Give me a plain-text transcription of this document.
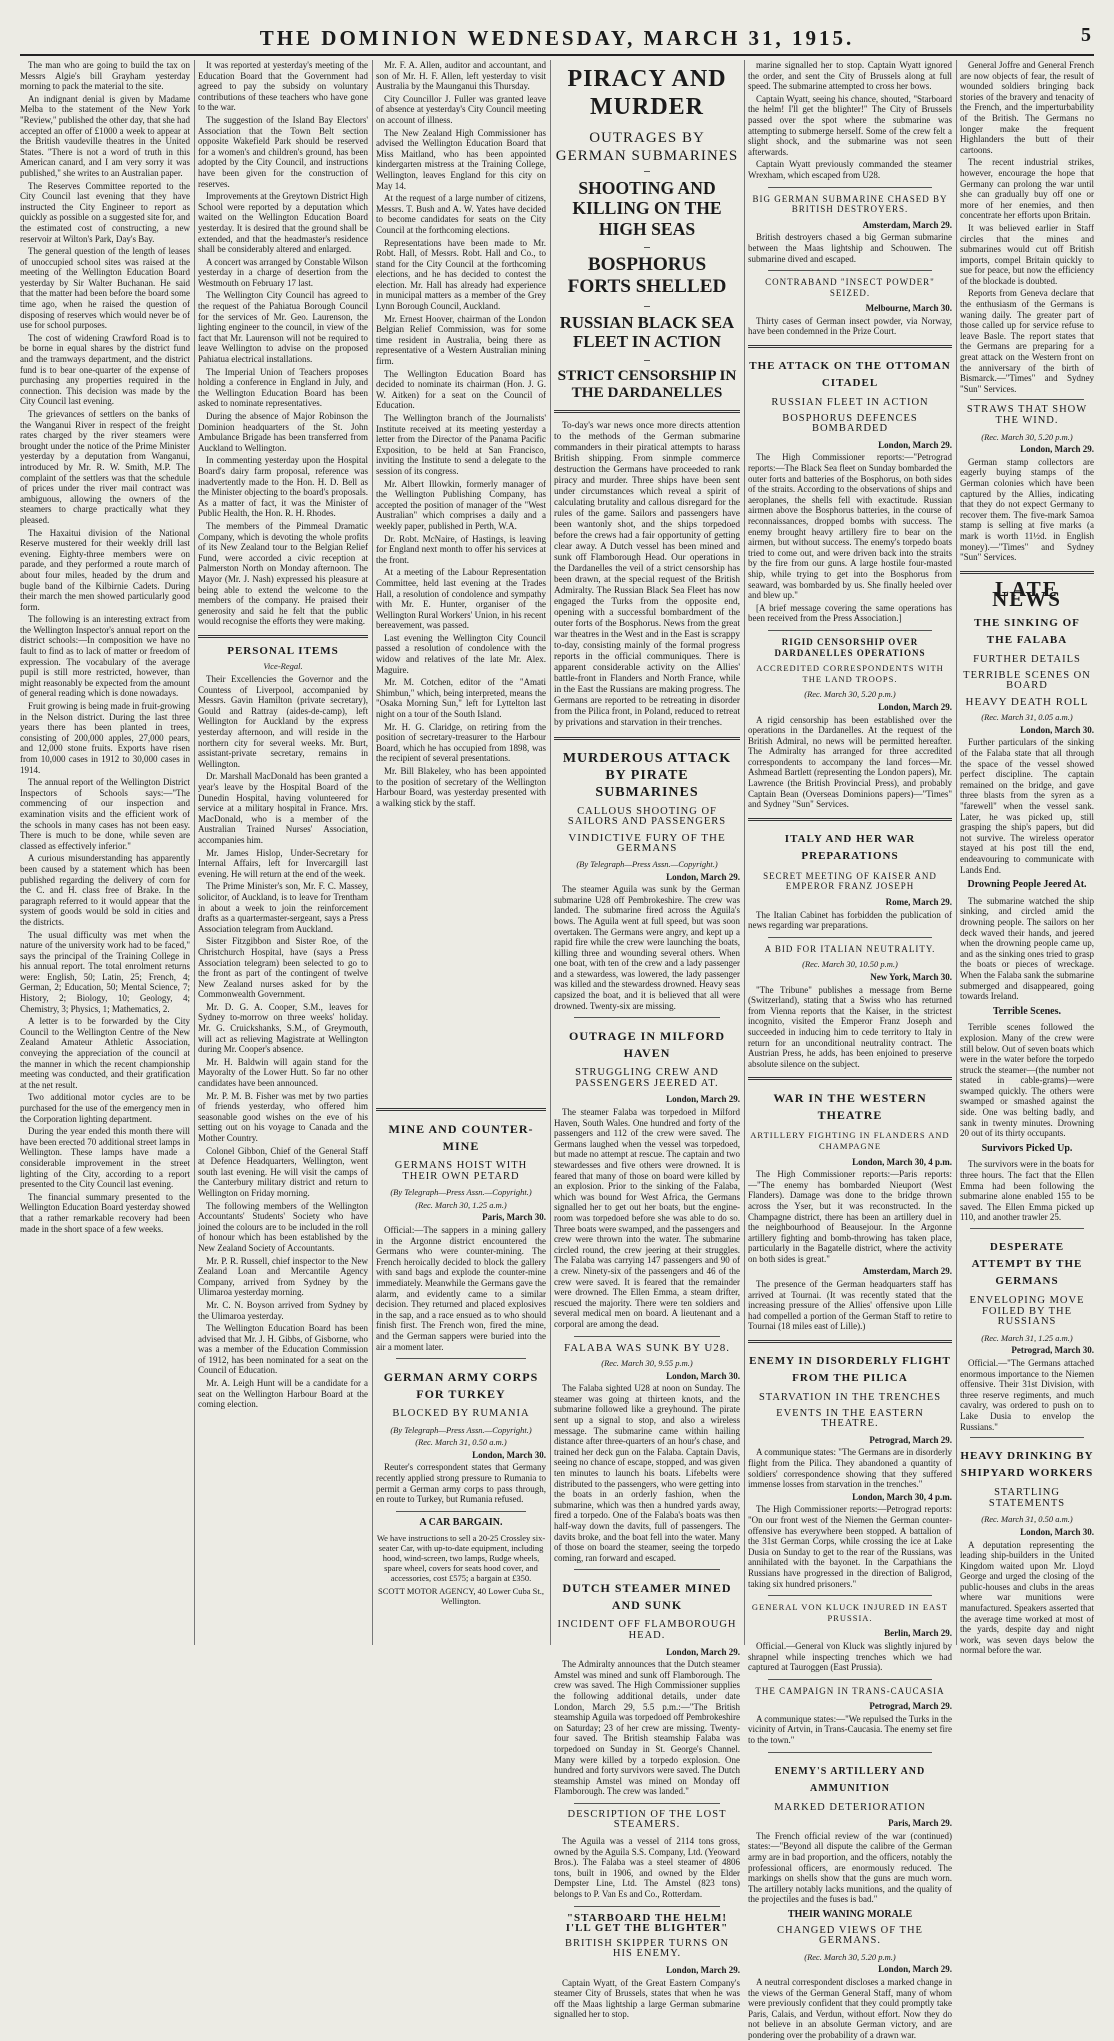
THE DOMINION WEDNESDAY, MARCH 31, 1915.	5

The man who are going to build the tax on Messrs Algie's bill Grayham yesterday morning to pack the material to the site.

An indignant denial is given by Madame Melba to the statement of the New York "Review," published the other day, that she had accepted an offer of £1000 a week to appear at the British vaudeville theatres in the United States. "There is not a word of truth in this American canard, and I am very sorry it was published," she writes to an Australian paper.

The Reserves Committee reported to the City Council last evening that they have instructed the City Engineer to report as quickly as possible on a suggested site for, and the estimated cost of constructing, a new reservoir at Wilton's Park, Day's Bay.

The general question of the length of leases of unoccupied school sites was raised at the meeting of the Wellington Education Board yesterday by Sir Walter Buchanan. He said that the matter had been before the board some time ago, when he raised the question of disposing of reserves which would never be of use for school purposes.

The cost of widening Crawford Road is to be borne in equal shares by the district fund and the tramways department, and the district fund is to bear one-quarter of the expense of purchasing any properties required in the connection. This decision was made by the City Council last evening.

The grievances of settlers on the banks of the Wanganui River in respect of the freight rates charged by the river steamers were brought under the notice of the Prime Minister yesterday by a deputation from Wanganui, introduced by Mr. R. W. Smith, M.P. The complaint of the settlers was that the schedule of prices under the river mail contract was ambiguous, allowing the owners of the steamers to charge practically what they pleased.

The Haxaitui division of the National Reserve mustered for their weekly drill last evening. Eighty-three members were on parade, and they performed a route march of about four miles, headed by the drum and bugle band of the Kilbirnie Cadets. During their march the men showed particularly good form.

The following is an interesting extract from the Wellington Inspector's annual report on the district schools:—In composition we have no fault to find as to lack of matter or freedom of expression. The vocabulary of the average pupil is still more restricted, however, than might reasonably be expected from the amount of general reading which is done nowadays.

Fruit growing is being made in fruit-growing in the Nelson district. During the last three years there has been planted in trees, consisting of 200,000 apples, 27,000 pears, and 12,000 stone fruits. Exports have risen from 10,000 cases in 1912 to 30,000 cases in 1914.

The annual report of the Wellington District Inspectors of Schools says:—"The commencing of our inspection and examination visits and the efficient work of the schools in many cases has not been easy. There is much to be done, while seven are classed as effectively inferior."

A curious misunderstanding has apparently been caused by a statement which has been published regarding the delivery of corn for the C. and H. class free of Brake. In the paragraph referred to it would appear that the system of goods would be sold in cities and the districts.

The usual difficulty was met when the nature of the university work had to be faced," says the principal of the Training College in his annual report. The total enrolment returns were: English, 50; Latin, 25; French, 4; German, 2; Education, 50; Mental Science, 7; History, 2; Biology, 10; Geology, 4; Chemistry, 3; Physics, 1; Mathematics, 2.

A letter is to be forwarded by the City Council to the Wellington Centre of the New Zealand Amateur Athletic Association, conveying the appreciation of the council at the manner in which the recent championship meeting was conducted, and their gratification at the net result.

Two additional motor cycles are to be purchased for the use of the emergency men in the Corporation lighting department.

During the year ended this month there will have been erected 70 additional street lamps in Wellington. These lamps have made a considerable improvement in the street lighting of the City, according to a report presented to the City Council last evening.

The financial summary presented to the Wellington Education Board yesterday showed that a rather remarkable recovery had been made in the short space of a few weeks.

It was reported at yesterday's meeting of the Education Board that the Government had agreed to pay the subsidy on voluntary contributions of these teachers who have gone to the war.

The suggestion of the Island Bay Electors' Association that the Town Belt section opposite Wakefield Park should be reserved for a women's and children's ground, has been adopted by the City Council, and instructions have been given for the construction of reserves.

Improvements at the Greytown District High School were reported by a deputation which waited on the Wellington Education Board yesterday. It is desired that the ground shall be extended, and that the headmaster's residence shall be considerably altered and enlarged.

A concert was arranged by Constable Wilson yesterday in a charge of desertion from the Westmouth on February 17 last.

The Wellington City Council has agreed to the request of the Pahiatua Borough Council for the services of Mr. Geo. Laurenson, the lighting engineer to the council, in view of the fact that Mr. Laurenson will not be required to leave Wellington to advise on the proposed Pahiatua electrical installations.

The Imperial Union of Teachers proposes holding a conference in England in July, and the Wellington Education Board has been asked to nominate representatives.

During the absence of Major Robinson the Dominion headquarters of the St. John Ambulance Brigade has been transferred from Auckland to Wellington.

In commenting yesterday upon the Hospital Board's dairy farm proposal, reference was inadvertently made to the Hon. H. D. Bell as the Minister objecting to the board's proposals. As a matter of fact, it was the Minister of Public Health, the Hon. R. H. Rhodes.

The members of the Pimmeal Dramatic Company, which is devoting the whole profits of its New Zealand tour to the Belgian Relief Fund, were accorded a civic reception at Palmerston North on Monday afternoon. The Mayor (Mr. J. Nash) expressed his pleasure at being able to extend the welcome to the members of the company. He praised their generosity and said he felt that the public would recognise the efforts they were making.

PERSONAL ITEMS
Vice-Regal.

Their Excellencies the Governor and the Countess of Liverpool, accompanied by Messrs. Gavin Hamilton (private secretary), Gould and Rattray (aides-de-camp), left Wellington for Auckland by the express yesterday afternoon, and will reside in the northern city for several weeks. Mr. Burt, assistant-private secretary, remains in Wellington.

Dr. Marshall MacDonald has been granted a year's leave by the Hospital Board of the Dunedin Hospital, having volunteered for service at a military hospital in France. Mrs. MacDonald, who is a member of the Australian Trained Nurses' Association, accompanies him.

Mr. James Hislop, Under-Secretary for Internal Affairs, left for Invercargill last evening. He will return at the end of the week.

The Prime Minister's son, Mr. F. C. Massey, solicitor, of Auckland, is to leave for Trentham in about a week to join the reinforcement drafts as a quartermaster-sergeant, says a Press Association telegram from Auckland.

Sister Fitzgibbon and Sister Roe, of the Christchurch Hospital, have (says a Press Association telegram) been selected to go to the front as part of the contingent of twelve New Zealand nurses asked for by the Commonwealth Government.

Mr. D. G. A. Cooper, S.M., leaves for Sydney to-morrow on three weeks' holiday. Mr. G. Cruickshanks, S.M., of Greymouth, will act as relieving Magistrate at Wellington during Mr. Cooper's absence.

Mr. H. Baldwin will again stand for the Mayoralty of the Lower Hutt. So far no other candidates have been announced.

Mr. P. M. B. Fisher was met by two parties of friends yesterday, who offered him seasonable good wishes on the eve of his setting out on his voyage to Canada and the Mother Country.

Colonel Gibbon, Chief of the General Staff at Defence Headquarters, Wellington, went south last evening. He will visit the camps of the Canterbury military district and return to Wellington on Friday morning.

The following members of the Wellington Accountants' Students' Society who have joined the colours are to be included in the roll of honour which has been established by the New Zealand Society of Accountants.

Mr. P. R. Russell, chief inspector to the New Zealand Loan and Mercantile Agency Company, arrived from Sydney by the Ulimaroa yesterday morning.

Mr. C. N. Boyson arrived from Sydney by the Ulimaroa yesterday.

The Wellington Education Board has been advised that Mr. J. H. Gibbs, of Gisborne, who was a member of the Education Commission of 1912, has been nominated for a seat on the Council of Education.

Mr. A. Leigh Hunt will be a candidate for a seat on the Wellington Harbour Board at the coming election.

Mr. F. A. Allen, auditor and accountant, and son of Mr. H. F. Allen, left yesterday to visit Australia by the Maunganui this Thursday.

City Councillor J. Fuller was granted leave of absence at yesterday's City Council meeting on account of illness.

The New Zealand High Commissioner has advised the Wellington Education Board that Miss Maitland, who has been appointed kindergarten mistress at the Training College, Wellington, leaves England for this city on May 14.

At the request of a large number of citizens, Messrs. T. Bush and A. W. Yates have decided to become candidates for seats on the City Council at the forthcoming elections.

Representations have been made to Mr. Robt. Hall, of Messrs. Robt. Hall and Co., to stand for the City Council at the forthcoming elections, and he has decided to contest the election. Mr. Hall has already had experience in municipal matters as a member of the Grey Lynn Borough Council, Auckland.

Mr. Ernest Hoover, chairman of the London Belgian Relief Commission, was for some time resident in Australia, being there as representative of a Western Australian mining firm.

The Wellington Education Board has decided to nominate its chairman (Hon. J. G. W. Aitken) for a seat on the Council of Education.

The Wellington branch of the Journalists' Institute received at its meeting yesterday a letter from the Director of the Panama Pacific Exposition, to be held at San Francisco, inviting the Institute to send a delegate to the session of its congress.

Mr. Albert Illowkin, formerly manager of the Wellington Publishing Company, has accepted the position of manager of the "West Australian" which comprises a daily and a weekly paper, published in Perth, W.A.

Dr. Robt. McNaire, of Hastings, is leaving for England next month to offer his services at the front.

At a meeting of the Labour Representation Committee, held last evening at the Trades Hall, a resolution of condolence and sympathy with Mr. E. Hunter, organiser of the Wellington Rural Workers' Union, in his recent bereavement, was passed.

Last evening the Wellington City Council passed a resolution of condolence with the widow and relatives of the late Mr. Alex. Maguire.

Mr. M. Cotchen, editor of the "Amati Shimbun," which, being interpreted, means the "Osaka Morning Sun," left for Lyttelton last night on a tour of the South Island.

Mr. H. G. Claridge, on retiring from the position of secretary-treasurer to the Harbour Board, which he has occupied from 1898, was the recipient of several presentations.

Mr. Bill Blakeley, who has been appointed to the position of secretary of the Wellington Harbour Board, was yesterday presented with a walking stick by the staff.

MINE AND COUNTER-MINE
GERMANS HOIST WITH THEIR OWN PETARD
(By Telegraph—Press Assn.—Copyright.)
(Rec. March 30, 1.25 a.m.)
Paris, March 30.

Official:—The sappers in a mining gallery in the Argonne district encountered the Germans who were counter-mining. The French heroically decided to block the gallery with sand bags and explode the counter-mine immediately. Meanwhile the Germans gave the alarm, and evidently came to a similar decision. They returned and placed explosives in the sap, and a race ensued as to who should finish first. The French won, fired the mine, and the German sappers were buried into the air a moment later.

GERMAN ARMY CORPS FOR TURKEY
BLOCKED BY RUMANIA
(By Telegraph—Press Assn.—Copyright.)
(Rec. March 31, 0.50 a.m.)
London, March 30.

Reuter's correspondent states that Germany recently applied strong pressure to Rumania to permit a German army corps to pass through, en route to Turkey, but Rumania refused.

A CAR BARGAIN.
We have instructions to sell a 20-25 Crossley six-seater Car, with up-to-date equipment, including hood, wind-screen, two lamps, Rudge wheels, spare wheel, covers for seats hood cover, and accessories, cost £575; a bargain at £350.
SCOTT MOTOR AGENCY, 40 Lower Cuba St., Wellington.
PIRACY AND MURDER
OUTRAGES BY GERMAN SUBMARINES
SHOOTING AND KILLING ON THE HIGH SEAS
BOSPHORUS FORTS SHELLED
RUSSIAN BLACK SEA FLEET IN ACTION
STRICT CENSORSHIP IN THE DARDANELLES

To-day's war news once more directs attention to the methods of the German submarine commanders in their piratical attempts to harass British shipping. From sinmple commerce destruction the Germans have proceeded to rank piracy and murder. Three ships have been sent under circumstances which reveal a spirit of calculating brutality and callous disregard for the rules of the game. Sailors and passengers have been wantonly shot, and the ships torpedoed before the crews had a fair opportunity of getting clear away. A Dutch vessel has been mined and sunk off Flamborough Head. Our operations in the Dardanelles the veil of a strict censorship has been drawn, at the special request of the British Admiralty. The Russian Black Sea Fleet has now engaged the Turks from the opposite end, opening with a successful bombardment of the outer forts of the Bosphorus. News from the great war theatres in the West and in the East is scrappy to-day, consisting mainly of the formal progress reports in the official communiques. There is apparent considerable activity on the Allies' battle-front in Flanders and North France, while in the East the Russians are making progress. The Germans are reported to be retreating in disorder from the Pilica front, in Poland, reduced to retreat by privations and starvation in their trenches.

MURDEROUS ATTACK BY PIRATE SUBMARINES
CALLOUS SHOOTING OF SAILORS AND PASSENGERS
VINDICTIVE FURY OF THE GERMANS
(By Telegraph—Press Assn.—Copyright.)
London, March 29.

The steamer Aguila was sunk by the German submarine U28 off Pembrokeshire. The crew was landed. The submarine fired across the Aguila's bows. The Aguila went at full speed, but was soon overtaken. The Germans were angry, and kept up a rapid fire while the crew were launching the boats, killing three and wounding several others. When one boat, with ten of the crew and a lady passenger and a stewardess, was lowered, the lady passenger was killed and the stewardess drowned. Heavy seas capsized the boat, and it is believed that all were drowned. Twenty-six are missing.

OUTRAGE IN MILFORD HAVEN
STRUGGLING CREW AND PASSENGERS JEERED AT.
London, March 29.

The steamer Falaba was torpedoed in Milford Haven, South Wales. One hundred and forty of the passengers and 112 of the crew were saved. The Germans laughed when the vessel was torpedoed, but made no attempt at rescue. The captain and two stewardesses and five others were drowned. It is feared that many of those on board were killed by an explosion. Prior to the sinking of the Falaba, which was bound for West Africa, the Germans signalled her to get out her boats, but the engine-room was torpedoed before she was able to do so. Three boats were swamped, and the passengers and crew were thrown into the water. The submarine circled round, the crew jeering at their struggles. The Falaba was carrying 147 passengers and 90 of a crew. Ninety-six of the passengers and 46 of the crew were saved. It is feared that the remainder were drowned. The Ellen Emma, a steam drifter, rescued the majority. There were ten soldiers and several medical men on board. A lieutenant and a corporal are among the dead.

FALABA WAS SUNK BY U28.
(Rec. March 30, 9.55 p.m.)
London, March 30.

The Falaba sighted U28 at noon on Sunday. The steamer was going at thirteen knots, and the submarine followed like a greyhound. The pirate sent up a signal to stop, and also a wireless message. The submarine came within hailing distance after three-quarters of an hour's chase, and trained her deck gun on the Falaba. Captain Davis, seeing no chance of escape, stopped, and was given ten minutes to launch his boats. Lifebelts were distributed to the passengers, who were getting into the boats in an orderly fashion, when the submarine, which was then a hundred yards away, fired a torpedo. One of the Falaba's boats was then half-way down the davits, full of passengers. The davits broke, and the boat fell into the water. Many of those on board the steamer, seeing the torpedo coming, ran forward and escaped.

DUTCH STEAMER MINED AND SUNK
INCIDENT OFF FLAMBOROUGH HEAD.
London, March 29.

The Admiralty announces that the Dutch steamer Amstel was mined and sunk off Flamborough. The crew was saved. The High Commissioner supplies the following additional details, under date London, March 29, 5.5 p.m.:—"The British steamship Aguila was torpedoed off Pembrokeshire on Saturday; 23 of her crew are missing. Twenty-four saved. The British steamship Falaba was torpedoed on Sunday in St. George's Channel. Many were killed by a torpedo explosion. One hundred and forty survivors were saved. The Dutch steamship Amstel was mined on Monday off Flamborough. The crew was landed."

DESCRIPTION OF THE LOST STEAMERS.

The Aguila was a vessel of 2114 tons gross, owned by the Aguila S.S. Company, Ltd. (Yeoward Bros.). The Falaba was a steel steamer of 4806 tons, built in 1906, and owned by the Elder Dempster Line, Ltd. The Amstel (823 tons) belongs to P. Van Es and Co., Rotterdam.

"STARBOARD THE HELM! I'LL GET THE BLIGHTER"
BRITISH SKIPPER TURNS ON HIS ENEMY.
London, March 29.

Captain Wyatt, of the Great Eastern Company's steamer City of Brussels, states that when he was off the Maas lightship a large German submarine signalled her to stop.

General Joffre and General French are now objects of fear, the result of wounded soldiers bringing back stories of the bravery and tenacity of the French, and the imperturbability of the British. The Germans no longer make the frequent Highlanders the butt of their cartoons.

The recent industrial strikes, however, encourage the hope that Germany can prolong the war until she can gradually buy off one or more of her enemies, and then concentrate her efforts upon Britain.

It was believed earlier in Staff circles that the mines and submarines would cut off British imports, compel Britain quickly to sue for peace, but now the efficiency of the blockade is doubted.

Reports from Geneva declare that the enthusiasm of the Germans is waning daily. The greater part of those called up for service refuse to leave Basle. The report states that the Germans are preparing for a great attack on the Western front on the anniversary of the birth of Bismarck.—"Times" and Sydney "Sun" Services.

STRAWS THAT SHOW THE WIND.
(Rec. March 30, 5.20 p.m.)
London, March 29.

German stamp collectors are eagerly buying stamps of the German colonies which have been captured by the Allies, indicating that they do not expect Germany to recover them. The five-mark Samoa stamp is selling at five marks (a mark is worth 11½d. in English money).—"Times" and Sydney "Sun" Services.

LATE NEWS
THE SINKING OF THE FALABA
FURTHER DETAILS
TERRIBLE SCENES ON BOARD
HEAVY DEATH ROLL
(Rec. March 31, 0.05 a.m.)
London, March 30.

Further particulars of the sinking of the Falaba state that all through the space of the vessel showed perfect discipline. The captain remained on the bridge, and gave three blasts from the syren as a "farewell" when the vessel sank. Later, he was picked up, still grasping the ship's papers, but did not survive. The wireless operator stayed at his post till the end, endeavouring to communicate with Lands End.

Drowning People Jeered At.

The submarine watched the ship sinking, and circled amid the drowning people. The sailors on her deck waved their hands, and jeered when the drowning people came up, and as the sinking ones tried to grasp the boats or pieces of wreckage. When the Falaba sank the submarine submerged and disappeared, going towards Ireland.

Terrible Scenes.

Terrible scenes followed the explosion. Many of the crew were still below. Out of seven boats which were in the water before the torpedo struck the steamer—(the number not stated in cable-grams)—were swamped quickly. The others were swamped or smashed against the side. One was belting badly, and sank in twenty minutes. Drowning 20 out of its thirty occupants.

Survivors Picked Up.

The survivors were in the boats for three hours. The fact that the Ellen Emma had been following the submarine alone enabled 155 to be saved. The Ellen Emma picked up 110, and another trawler 25.

DESPERATE ATTEMPT BY THE GERMANS
ENVELOPING MOVE FOILED BY THE RUSSIANS
(Rec. March 31, 1.25 a.m.)
Petrograd, March 30.

Official.—"The Germans attached enormous importance to the Niemen offensive. Their 31st Division, with three reserve regiments, and much cavalry, was ordered to push on to Lake Dusia to envelop the Russians."

HEAVY DRINKING BY SHIPYARD WORKERS
STARTLING STATEMENTS
(Rec. March 31, 0.50 a.m.)
London, March 30.

A deputation representing the leading ship-builders in the United Kingdom waited upon Mr. Lloyd George and urged the closing of the public-houses and clubs in the areas where war munitions were manufactured. Speakers asserted that the average time worked at most of the yards, despite day and night work, was seven days below the normal before the war.

marine signalled her to stop. Captain Wyatt ignored the order, and sent the City of Brussels along at full speed. The submarine attempted to cross her bows.

Captain Wyatt, seeing his chance, shouted, "Starboard the helm! I'll get the blighter!" The City of Brussels passed over the spot where the submarine was attempting to submerge herself. Some of the crew felt a slight shock, and the submarine was not seen afterwards.

Captain Wyatt previously commanded the steamer Wrexham, which escaped from U28.

BIG GERMAN SUBMARINE CHASED BY BRITISH DESTROYERS.
Amsterdam, March 29.

British destroyers chased a big German submarine between the Maas lightship and Schouwen. The submarine dived and escaped.

CONTRABAND "INSECT POWDER" SEIZED.
Melbourne, March 30.

Thirty cases of German insect powder, via Norway, have been condemned in the Prize Court.

THE ATTACK ON THE OTTOMAN CITADEL
RUSSIAN FLEET IN ACTION
BOSPHORUS DEFENCES BOMBARDED
London, March 29.

The High Commissioner reports:—"Petrograd reports:—The Black Sea fleet on Sunday bombarded the outer forts and batteries of the Bosphorus, on both sides of the straits. According to the observations of ships and aeroplanes, the shells fell with exactitude. Russian airmen above the Bosphorus batteries, in the course of reconnaissances, dropped bombs with success. The enemy brought heavy artillery fire to bear on the airmen, but without success. The enemy's torpedo boats tried to come out, and were driven back into the straits by the fire from our guns. A large hostile four-masted ship, while trying to get into the Bosphorus from seaward, was bombarded by us. She finally heeled over and blew up."

[A brief message covering the same operations has been received from the Press Association.]

RIGID CENSORSHIP OVER DARDANELLES OPERATIONS
ACCREDITED CORRESPONDENTS WITH THE LAND TROOPS.
(Rec. March 30, 5.20 p.m.)
London, March 29.

A rigid censorship has been established over the operations in the Dardanelles. At the request of the British Admiral, no news will be permitted hereafter. The Admiralty has arranged for three accredited correspondents to accompany the land forces—Mr. Ashmead Bartlett (representing the London papers), Mr. Lawrence (the British Provincial Press), and probably Captain Bean (Overseas Dominions papers)—"Times" and Sydney "Sun" Services.

ITALY AND HER WAR PREPARATIONS
SECRET MEETING OF KAISER AND EMPEROR FRANZ JOSEPH
Rome, March 29.

The Italian Cabinet has forbidden the publication of news regarding war preparations.

A BID FOR ITALIAN NEUTRALITY.
(Rec. March 30, 10.50 p.m.)
New York, March 30.

"The Tribune" publishes a message from Berne (Switzerland), stating that a Swiss who has returned from Vienna reports that the Kaiser, in the strictest incognito, visited the Emperor Franz Joseph and succeeded in inducing him to cede territory to Italy in return for an unconditional neutrality contract. The Austrian Press, he adds, has been enjoined to preserve absolute silence on the subject.

WAR IN THE WESTERN THEATRE
ARTILLERY FIGHTING IN FLANDERS AND CHAMPAGNE
London, March 30, 4 p.m.

The High Commissioner reports:—Paris reports:—"The enemy has bombarded Nieuport (West Flanders). Damage was done to the bridge thrown across the Yser, but it was reconstructed. In the Champagne district, there has been an artillery duel in the neighbourhood of Beausejour. In the Argonne artillery fighting and bomb-throwing has taken place, particularly in the Bagatelle district, where the activity on both sides is great."

Amsterdam, March 29.

The presence of the German headquarters staff has arrived at Tournai. (It was recently stated that the increasing pressure of the Allies' offensive upon Lille had compelled a portion of the German Staff to retire to Tournai (18 miles east of Lille).)

ENEMY IN DISORDERLY FLIGHT FROM THE PILICA
STARVATION IN THE TRENCHES
EVENTS IN THE EASTERN THEATRE.
Petrograd, March 29.

A communique states: "The Germans are in disorderly flight from the Pilica. They abandoned a quantity of soldiers' correspondence showing that they suffered immense losses from starvation in the trenches."

London, March 30, 4 p.m.

The High Commissioner reports:—Petrograd reports: "On our front west of the Niemen the German counter-offensive has everywhere been stopped. A battalion of the 31st German Corps, while crossing the ice at Lake Dusia on Sunday to get to the rear of the Russians, was annihilated with the bayonet. In the Carpathians the Russians have progressed in the direction of Baligrod, taking six hundred prisoners."

GENERAL VON KLUCK INJURED IN EAST PRUSSIA.
Berlin, March 29.

Official.—General von Kluck was slightly injured by shrapnel while inspecting trenches which we had captured at Tauroggen (East Prussia).

THE CAMPAIGN IN TRANS-CAUCASIA
Petrograd, March 29.

A communique states:—"We repulsed the Turks in the vicinity of Artvin, in Trans-Caucasia. The enemy set fire to the town."

ENEMY'S ARTILLERY AND AMMUNITION
MARKED DETERIORATION
Paris, March 29.

The French official review of the war (continued) states:—"Beyond all dispute the calibre of the German army are in bad proportion, and the officers, notably the professional officers, are enormously reduced. The markings on shells show that the guns are much worn. The artillery notably lacks munitions, and the quality of the projectiles and the fuses is bad."

THEIR WANING MORALE
CHANGED VIEWS OF THE GERMANS.
(Rec. March 30, 5.20 p.m.)
London, March 29.

A neutral correspondent discloses a marked change in the views of the German General Staff, many of whom were previously confident that they could promptly take Paris, Calais, and Verdun, without effort. Now they do not believe in an absolute German victory, and are pondering over the probability of a drawn war.
